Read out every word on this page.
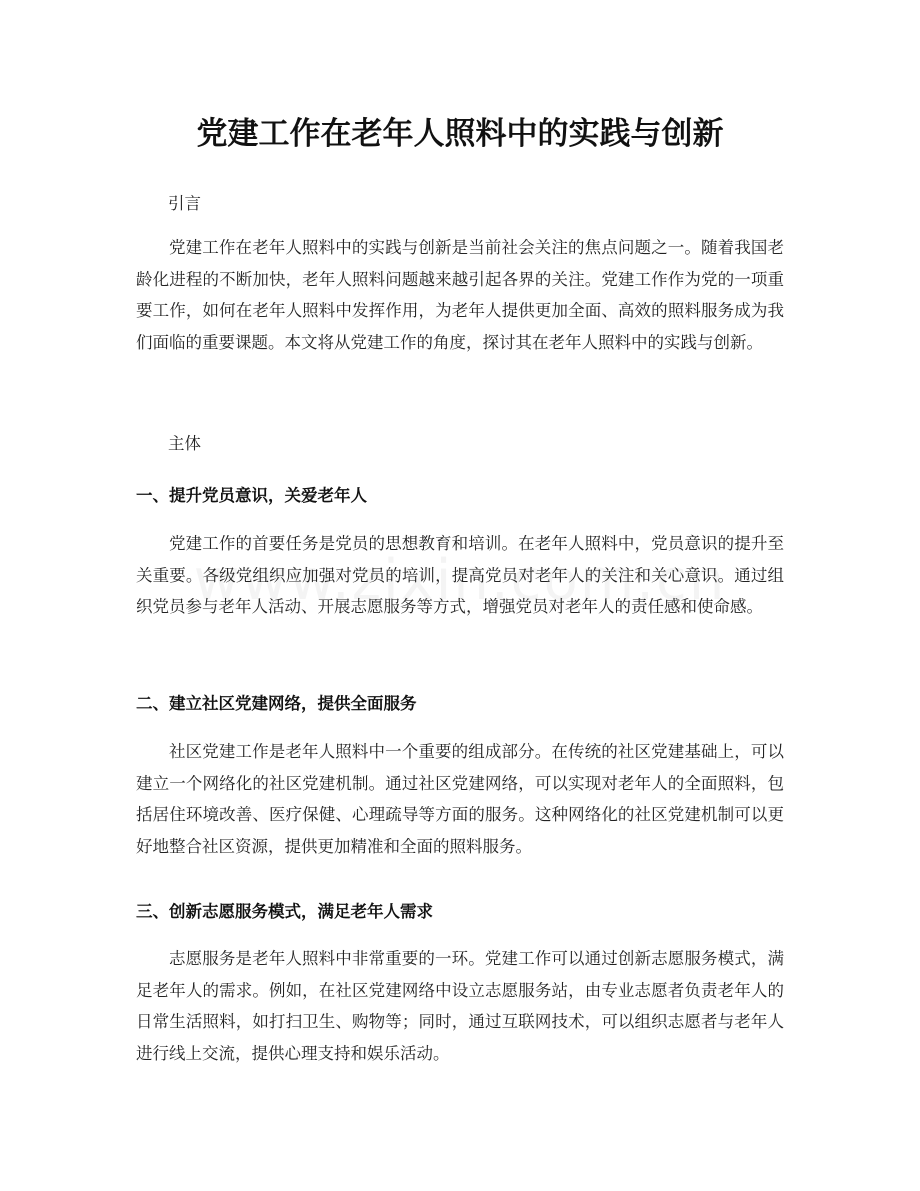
党建工作在老年人照料中的实践与创新

引言

党建工作在老年人照料中的实践与创新是当前社会关注的焦点问题之一。随着我国老龄化进程的不断加快，老年人照料问题越来越引起各界的关注。党建工作作为党的一项重要工作，如何在老年人照料中发挥作用，为老年人提供更加全面、高效的照料服务成为我们面临的重要课题。本文将从党建工作的角度，探讨其在老年人照料中的实践与创新。

主体

一、提升党员意识，关爱老年人

党建工作的首要任务是党员的思想教育和培训。在老年人照料中，党员意识的提升至关重要。各级党组织应加强对党员的培训，提高党员对老年人的关注和关心意识。通过组织党员参与老年人活动、开展志愿服务等方式，增强党员对老年人的责任感和使命感。

二、建立社区党建网络，提供全面服务

社区党建工作是老年人照料中一个重要的组成部分。在传统的社区党建基础上，可以建立一个网络化的社区党建机制。通过社区党建网络，可以实现对老年人的全面照料，包括居住环境改善、医疗保健、心理疏导等方面的服务。这种网络化的社区党建机制可以更好地整合社区资源，提供更加精准和全面的照料服务。

三、创新志愿服务模式，满足老年人需求

志愿服务是老年人照料中非常重要的一环。党建工作可以通过创新志愿服务模式，满足老年人的需求。例如，在社区党建网络中设立志愿服务站，由专业志愿者负责老年人的日常生活照料，如打扫卫生、购物等；同时，通过互联网技术，可以组织志愿者与老年人进行线上交流，提供心理支持和娱乐活动。
